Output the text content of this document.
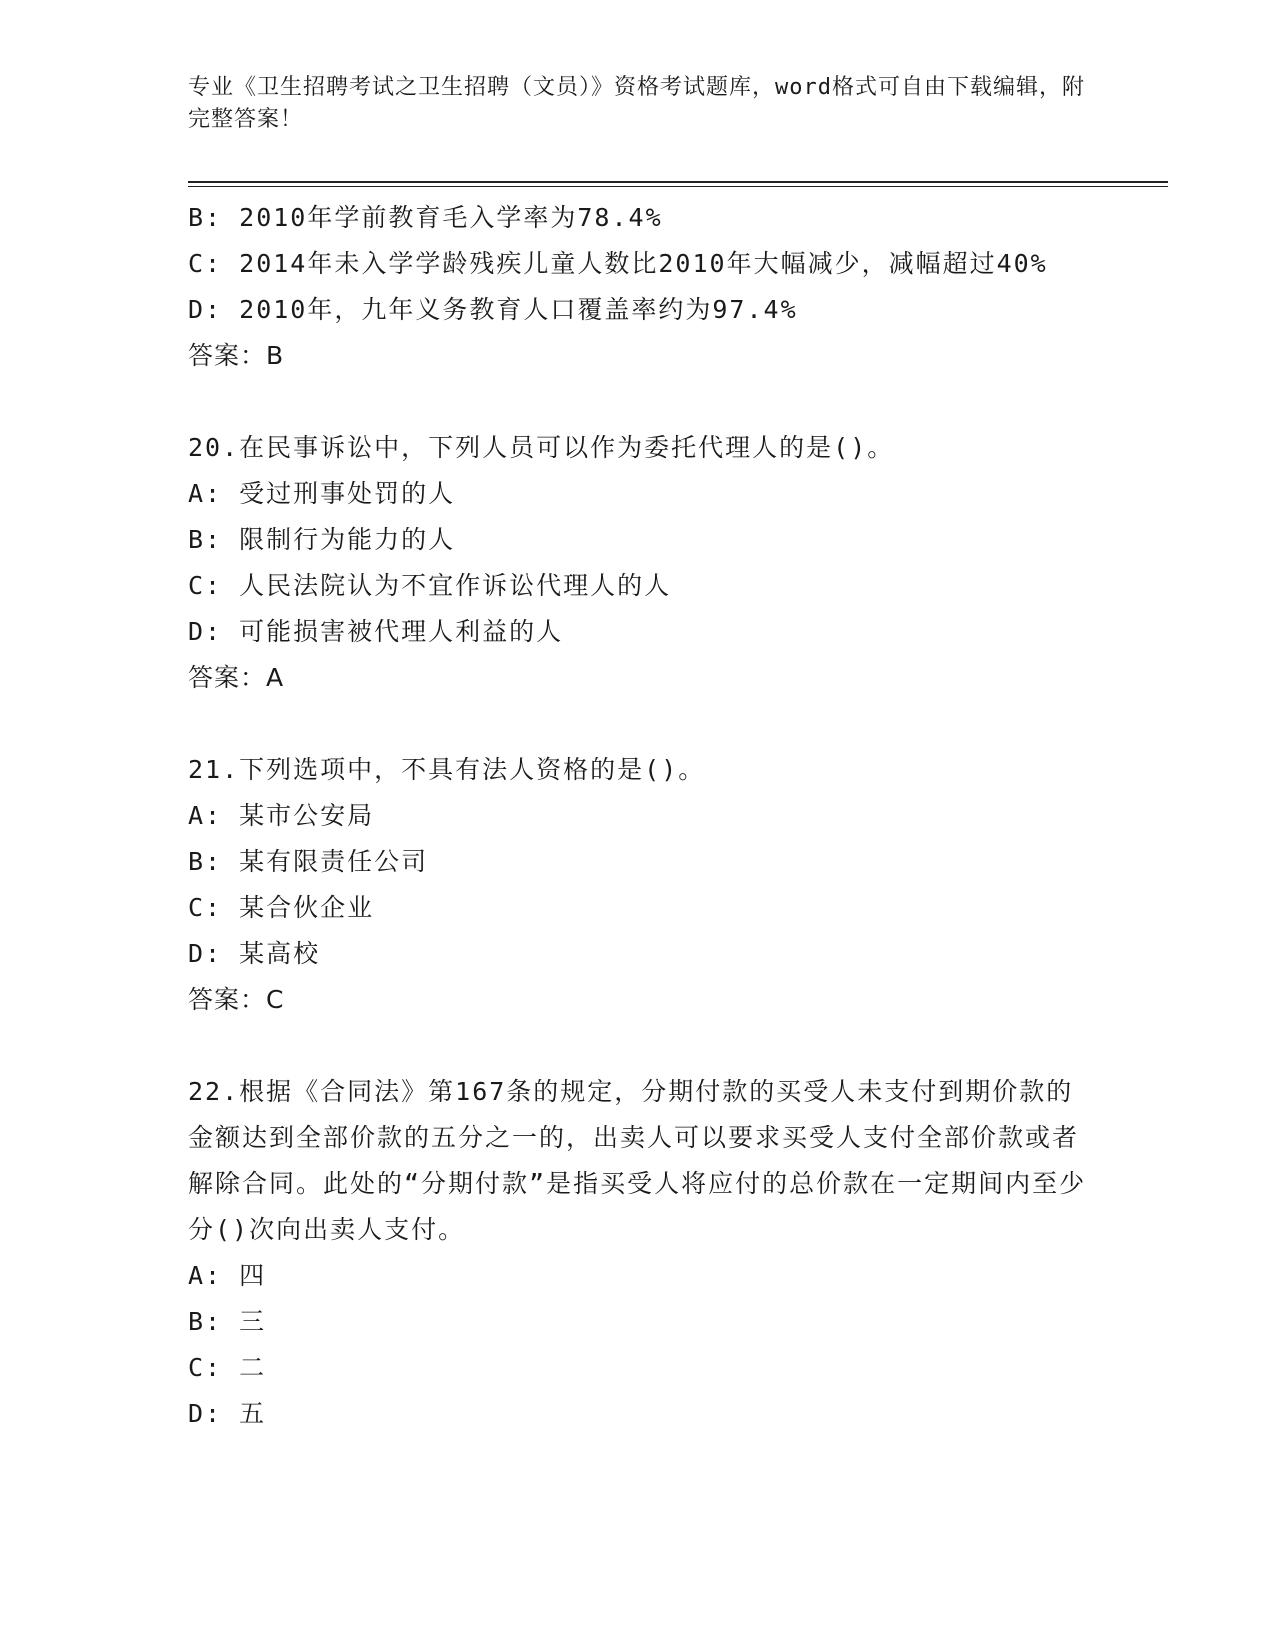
专业《卫生招聘考试之卫生招聘（文员）》资格考试题库，word格式可自由下载编辑，附完整答案！

B: 2010年学前教育毛入学率为78.4%

C: 2014年未入学学龄残疾儿童人数比2010年大幅减少，减幅超过40%

D: 2010年，九年义务教育人口覆盖率约为97.4%

答案：B

20.在民事诉讼中，下列人员可以作为委托代理人的是()。

A: 受过刑事处罚的人

B: 限制行为能力的人

C: 人民法院认为不宜作诉讼代理人的人

D: 可能损害被代理人利益的人

答案：A

21.下列选项中，不具有法人资格的是()。

A: 某市公安局

B: 某有限责任公司

C: 某合伙企业

D: 某高校

答案：C

22.根据《合同法》第167条的规定，分期付款的买受人未支付到期价款的金额达到全部价款的五分之一的，出卖人可以要求买受人支付全部价款或者解除合同。此处的“分期付款”是指买受人将应付的总价款在一定期间内至少分()次向出卖人支付。

A: 四

B: 三

C: 二

D: 五
